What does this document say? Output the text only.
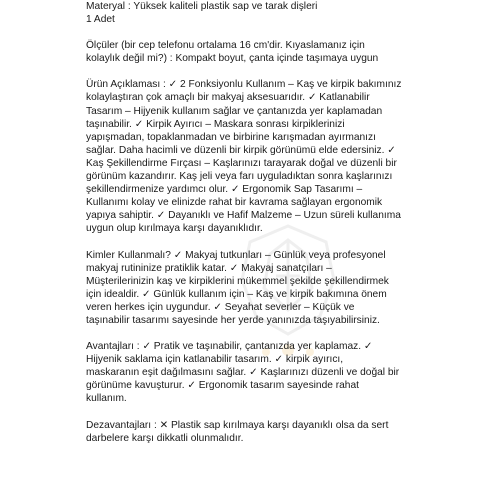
Materyal : Yüksek kaliteli plastik sap ve tarak dişleri

1 Adet

Ölçüler (bir cep telefonu ortalama 16 cm'dir. Kıyaslamanız için

kolaylık değil mi?) : Kompakt boyut, çanta içinde taşımaya uygun

Ürün Açıklaması : ✓ 2 Fonksiyonlu Kullanım – Kaş ve kirpik bakımınız

kolaylaştıran çok amaçlı bir makyaj aksesuarıdır. ✓ Katlanabilir

Tasarım – Hijyenik kullanım sağlar ve çantanızda yer kaplamadan

taşınabilir. ✓ Kirpik Ayırıcı – Maskara sonrası kirpiklerinizi

yapışmadan, topaklanmadan ve birbirine karışmadan ayırmanızı

sağlar. Daha hacimli ve düzenli bir kirpik görünümü elde edersiniz. ✓

Kaş Şekillendirme Fırçası – Kaşlarınızı tarayarak doğal ve düzenli bir

görünüm kazandırır. Kaş jeli veya farı uyguladıktan sonra kaşlarınızı

şekillendirmenize yardımcı olur. ✓ Ergonomik Sap Tasarımı –

Kullanımı kolay ve elinizde rahat bir kavrama sağlayan ergonomik

yapıya sahiptir. ✓ Dayanıklı ve Hafif Malzeme – Uzun süreli kullanıma

uygun olup kırılmaya karşı dayanıklıdır.

Kimler Kullanmalı? ✓ Makyaj tutkunları – Günlük veya profesyonel

makyaj rutininize pratiklik katar. ✓ Makyaj sanatçıları –

Müşterilerinizin kaş ve kirpiklerini mükemmel şekilde şekillendirmek

için idealdir. ✓ Günlük kullanım için – Kaş ve kirpik bakımına önem

veren herkes için uygundur. ✓ Seyahat severler – Küçük ve

taşınabilir tasarımı sayesinde her yerde yanınızda taşıyabilirsiniz.

Avantajları : ✓ Pratik ve taşınabilir, çantanızda yer kaplamaz. ✓

Hijyenik saklama için katlanabilir tasarım. ✓ kirpik ayırıcı,

maskaranın eşit dağılmasını sağlar. ✓ Kaşlarınızı düzenli ve doğal bir

görünüme kavuşturur. ✓ Ergonomik tasarım sayesinde rahat

kullanım.

Dezavantajları : ✕ Plastik sap kırılmaya karşı dayanıklı olsa da sert

darbelere karşı dikkatli olunmalıdır.
